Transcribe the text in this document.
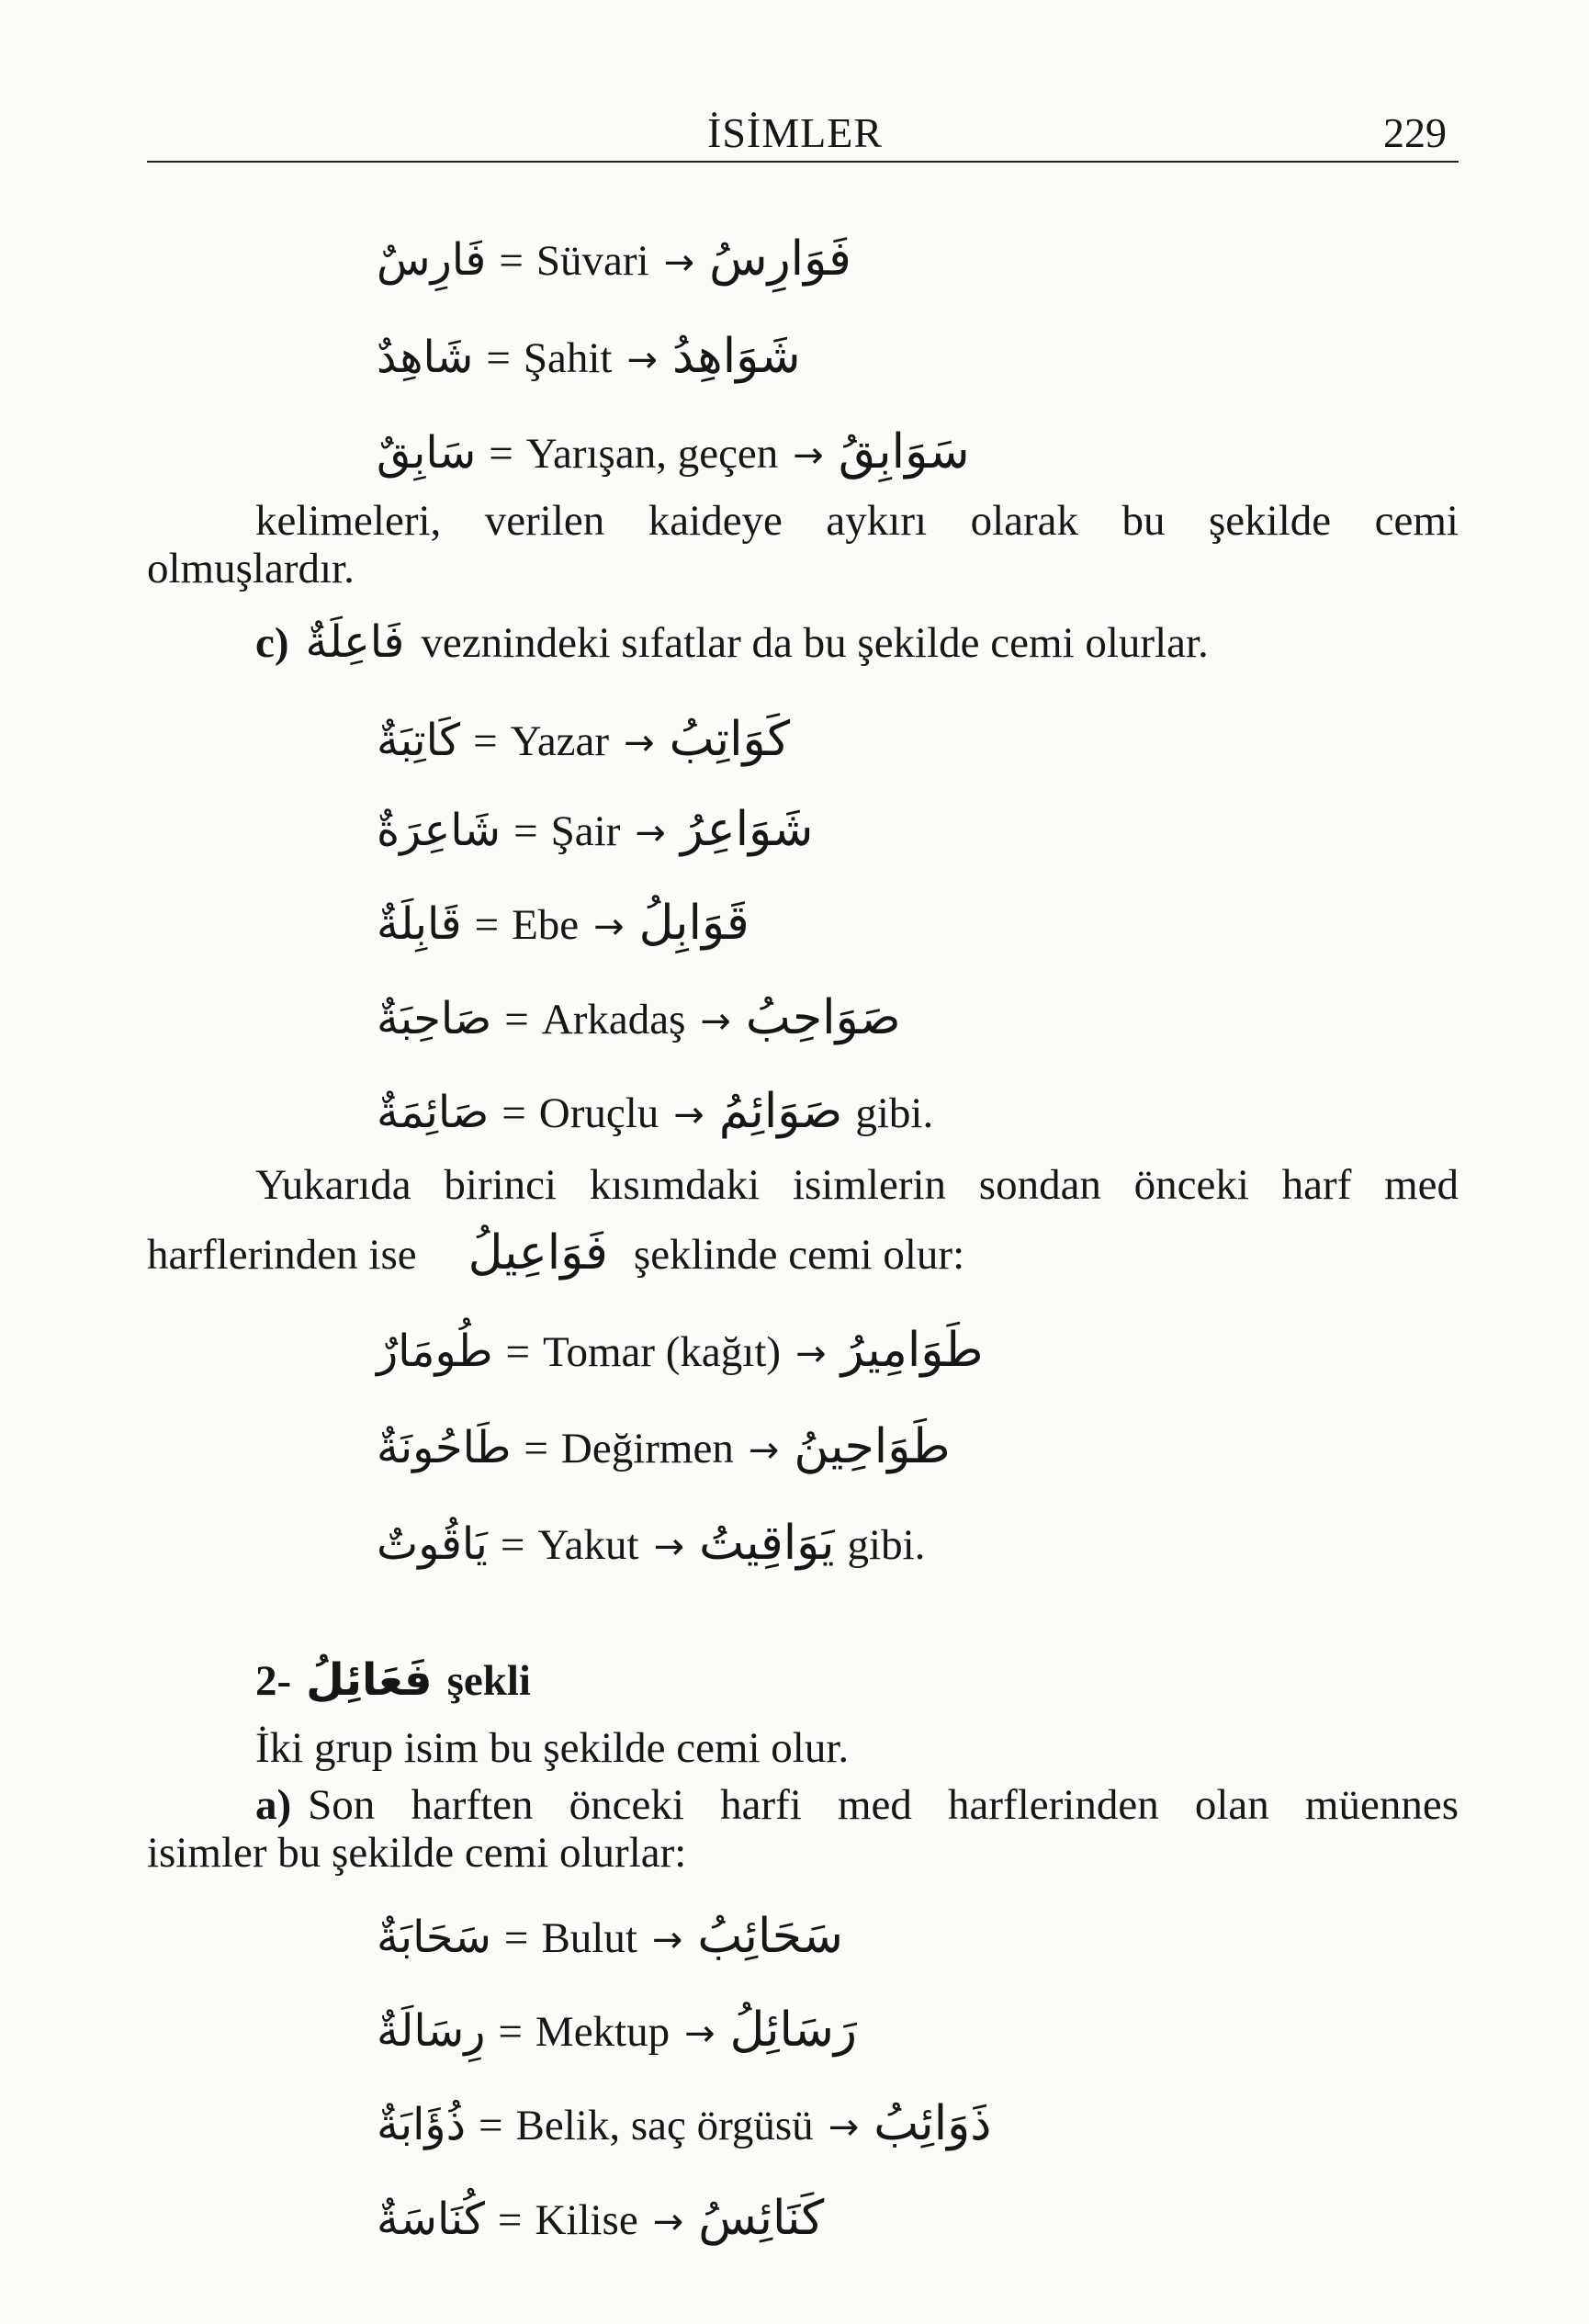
İSİMLER	229
فَارِسٌ = Süvari → فَوَارِسُ
شَاهِدٌ = Şahit → شَوَاهِدُ
سَابِقٌ = Yarışan, geçen → سَوَابِقُ
kelimeleri, verilen kaideye aykırı olarak bu şekilde cemi
olmuşlardır.
c) فَاعِلَةٌ veznindeki sıfatlar da bu şekilde cemi olurlar.
كَاتِبَةٌ = Yazar → كَوَاتِبُ
شَاعِرَةٌ = Şair → شَوَاعِرُ
قَابِلَةٌ = Ebe → قَوَابِلُ
صَاحِبَةٌ = Arkadaş → صَوَاحِبُ
صَائِمَةٌ = Oruçlu → صَوَائِمُ gibi.
Yukarıda birinci kısımdaki isimlerin sondan önceki harf med
harflerinden ise فَوَاعِيلُ şeklinde cemi olur:
طُومَارٌ = Tomar (kağıt) → طَوَامِيرُ
طَاحُونَةٌ = Değirmen → طَوَاحِينُ
يَاقُوتٌ = Yakut → يَوَاقِيتُ gibi.
2- فَعَائِلُ şekli
İki grup isim bu şekilde cemi olur.
a) Son harften önceki harfi med harflerinden olan müennes
isimler bu şekilde cemi olurlar:
سَحَابَةٌ = Bulut → سَحَائِبُ
رِسَالَةٌ = Mektup → رَسَائِلُ
ذُؤَابَةٌ = Belik, saç örgüsü → ذَوَائِبُ
كُنَاسَةٌ = Kilise → كَنَائِسُ
